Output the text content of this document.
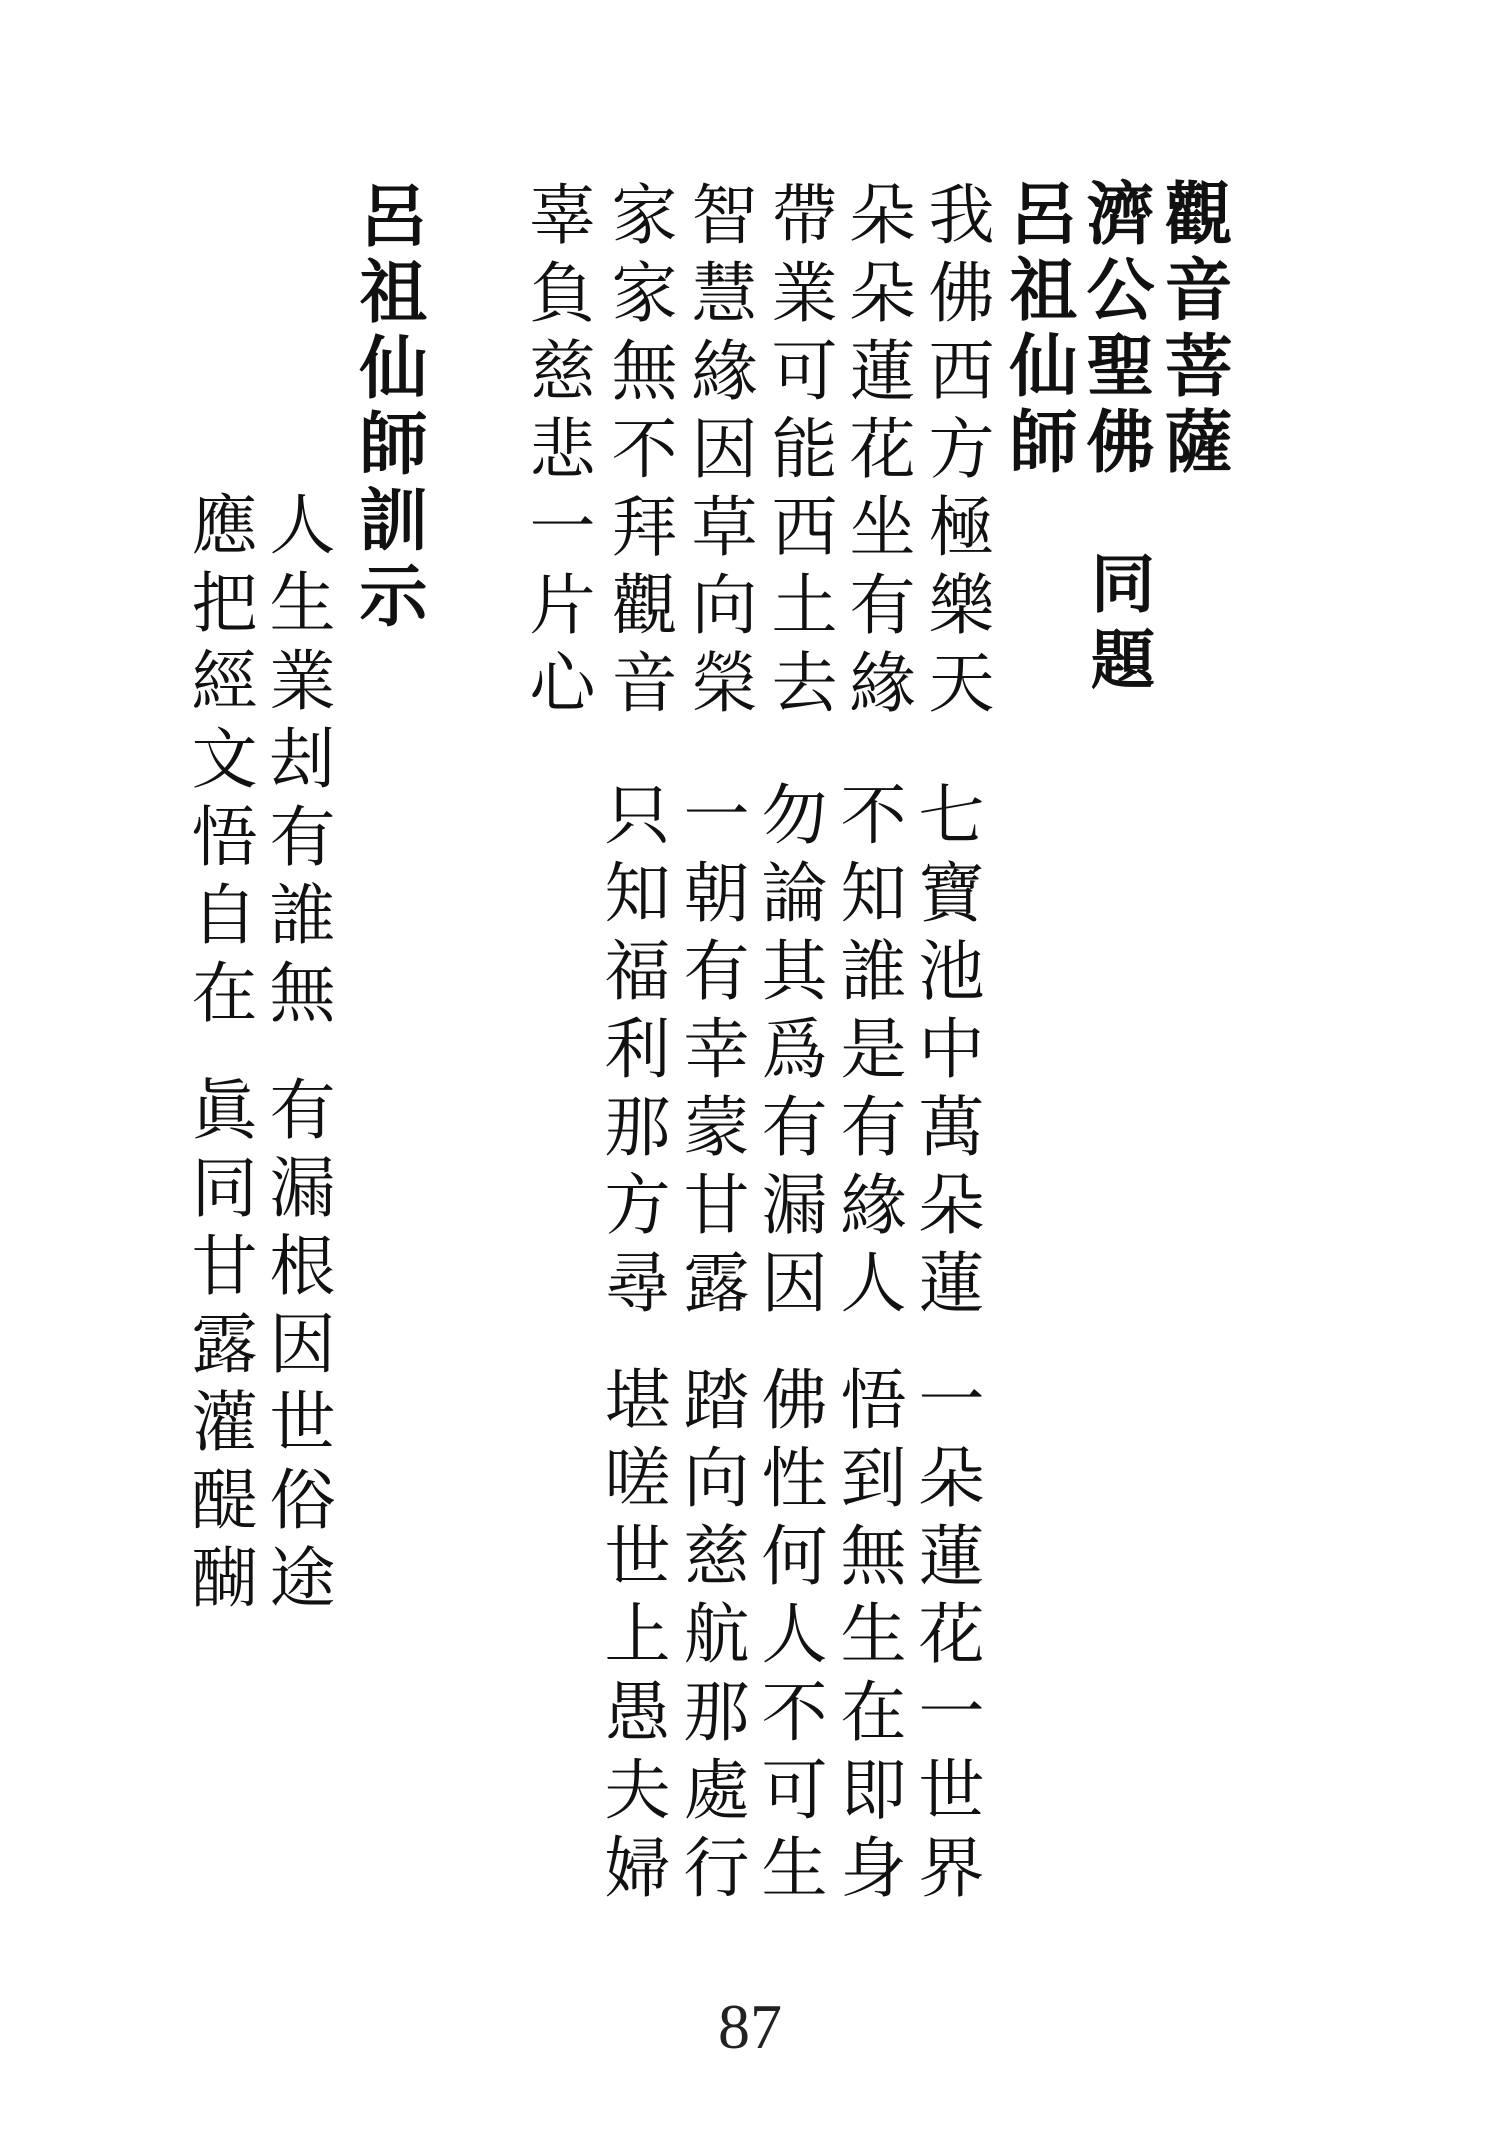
觀音菩薩
濟公聖佛
呂祖仙師
同題
我佛西方極樂天
朵朵蓮花坐有緣
帶業可能西土去
智慧緣因草向榮
家家無不拜觀音
辜負慈悲一片心
七寶池中萬朵蓮
不知誰是有緣人
勿論其爲有漏因
一朝有幸蒙甘露
只知福利那方尋
一朵蓮花一世界
悟到無生在即身
佛性何人不可生
踏向慈航那處行
堪嗟世上愚夫婦
呂祖仙師訓示
人生業刦有誰無
應把經文悟自在
有漏根因世俗途
眞同甘露灌醍醐
87
